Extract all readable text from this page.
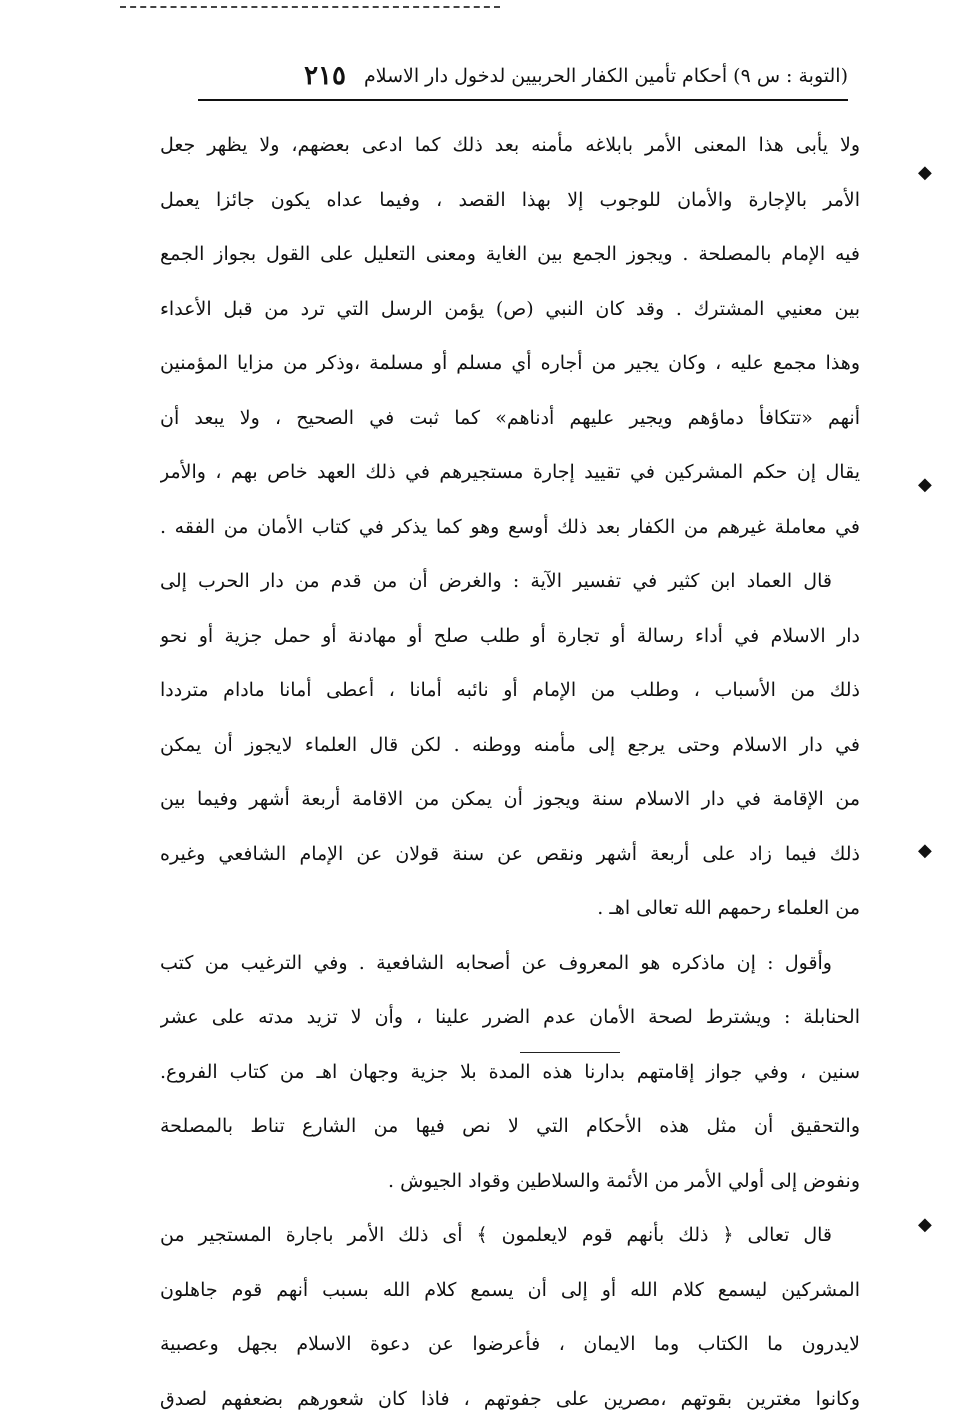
(التوبة : س ٩) أحكام تأمين الكفار الحربيين لدخول دار الاسلام
٢١٥
ولا يأبى هذا المعنى الأمر بابلاغه مأمنه بعد ذلك كما ادعى بعضهم، ولا يظهر جعل
الأمر بالإجارة والأمان للوجوب إلا بهذا القصد ، وفيما عداه يكون جائزا يعمل
فيه الإمام بالمصلحة . ويجوز الجمع بين الغاية ومعنى التعليل على القول بجواز الجمع
بين معنيي المشترك . وقد كان النبي (ص) يؤمن الرسل التي ترد من قبل الأعداء
وهذا مجمع عليه ، وكان يجير من أجاره أي مسلم أو مسلمة ،وذكر من مزايا المؤمنين
أنهم «تتكافأ دماؤهم ويجير عليهم أدناهم» كما ثبت في الصحيح ، ولا يبعد أن
يقال إن حكم المشركين في تقييد إجارة مستجيرهم في ذلك العهد خاص بهم ، والأمر
في معاملة غيرهم من الكفار بعد ذلك أوسع وهو كما يذكر في كتاب الأمان من الفقه .
قال العماد ابن كثير في تفسير الآية : والغرض أن من قدم من دار الحرب إلى
دار الاسلام في أداء رسالة أو تجارة أو طلب صلح أو مهادنة أو حمل جزية أو نحو
ذلك من الأسباب ، وطلب من الإمام أو نائبه أمانا ، أعطى أمانا مادام مترددا
في دار الاسلام وحتى يرجع إلى مأمنه ووطنه . لكن قال العلماء لايجوز أن يمكن
من الإقامة في دار الاسلام سنة ويجوز أن يمكن من الاقامة أربعة أشهر وفيما بين
ذلك فيما زاد على أربعة أشهر ونقص عن سنة قولان عن الإمام الشافعي وغيره
من العلماء رحمهم الله تعالى اهـ .
وأقول : إن ماذكره هو المعروف عن أصحابه الشافعية . وفي الترغيب من كتب
الحنابلة : ويشترط لصحة الأمان عدم الضرر علينا ، وأن لا تزيد مدته على عشر
سنين ، وفي جواز إقامتهم بدارنا هذه المدة بلا جزية وجهان اهـ من كتاب الفروع.
والتحقيق أن مثل هذه الأحكام التي لا نص فيها من الشارع تناط بالمصلحة
ونفوض إلى أولي الأمر من الأئمة والسلاطين وقواد الجيوش .
قال تعالى ﴿ ذلك بأنهم قوم لايعلمون ﴾ أى ذلك الأمر باجارة المستجير من
المشركين ليسمع كلام الله أو إلى أن يسمع كلام الله بسبب أنهم قوم جاهلون
لايدرون ما الكتاب وما الايمان ، فأعرضوا عن دعوة الاسلام بجهل وعصبية
وكانوا مغترين بقوتهم ،مصرين على جفوتهم ، فاذا كان شعورهم بضعفهم لصدق
◆
◆
◆
◆
